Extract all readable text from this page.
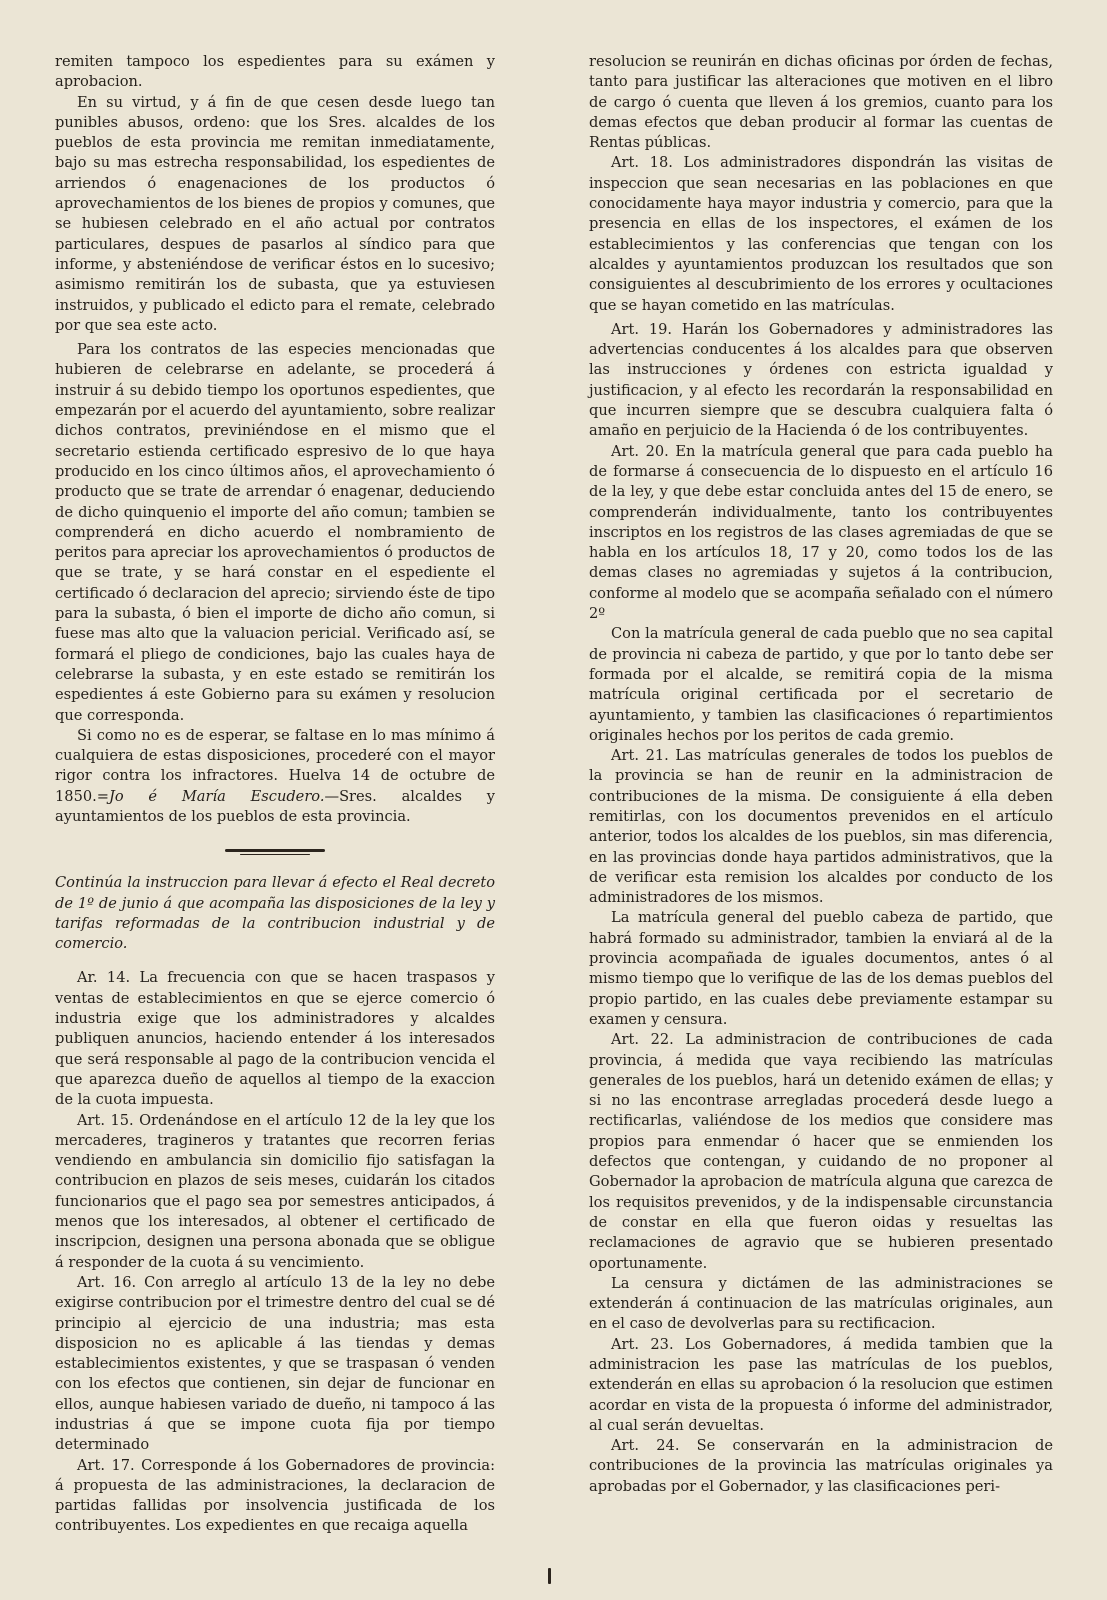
remiten tampoco los espedientes para su exámen y aprobacion.

En su virtud, y á fin de que cesen desde luego tan punibles abusos, ordeno: que los Sres. alcaldes de los pueblos de esta provincia me remitan inmediatamente, bajo su mas estrecha responsabilidad, los espedientes de arriendos ó enagenaciones de los productos ó aprovechamientos de los bienes de propios y comunes, que se hubiesen celebrado en el año actual por contratos particulares, despues de pasarlos al síndico para que informe, y absteniéndose de verificar éstos en lo sucesivo; asimismo remitirán los de subasta, que ya estuviesen instruidos, y publicado el edicto para el remate, celebrado por que sea este acto.

Para los contratos de las especies mencionadas que hubieren de celebrarse en adelante, se procederá á instruir á su debido tiempo los oportunos espedientes, que empezarán por el acuerdo del ayuntamiento, sobre realizar dichos contratos, previniéndose en el mismo que el secretario estienda certificado espresivo de lo que haya producido en los cinco últimos años, el aprovechamiento ó producto que se trate de arrendar ó enagenar, deduciendo de dicho quinquenio el importe del año comun; tambien se comprenderá en dicho acuerdo el nombramiento de peritos para apreciar los aprovechamientos ó productos de que se trate, y se hará constar en el espediente el certificado ó declaracion del aprecio; sirviendo éste de tipo para la subasta, ó bien el importe de dicho año comun, si fuese mas alto que la valuacion pericial. Verificado así, se formará el pliego de condiciones, bajo las cuales haya de celebrarse la subasta, y en este estado se remitirán los espedientes á este Gobierno para su exámen y resolucion que corresponda.

Si como no es de esperar, se faltase en lo mas mínimo á cualquiera de estas disposiciones, procederé con el mayor rigor contra los infractores. Huelva 14 de octubre de 1850.=Jo é María Escudero.—Sres. alcaldes y ayuntamientos de los pueblos de esta provincia.

Continúa la instruccion para llevar á efecto el Real decreto de 1º de junio á que acompaña las disposiciones de la ley y tarifas reformadas de la contribucion industrial y de comercio.

Ar. 14. La frecuencia con que se hacen traspasos y ventas de establecimientos en que se ejerce comercio ó industria exige que los administradores y alcaldes publiquen anuncios, haciendo entender á los interesados que será responsable al pago de la contribucion vencida el que aparezca dueño de aquellos al tiempo de la exaccion de la cuota impuesta.

Art. 15. Ordenándose en el artículo 12 de la ley que los mercaderes, tragineros y tratantes que recorren ferias vendiendo en ambulancia sin domicilio fijo satisfagan la contribucion en plazos de seis meses, cuidarán los citados funcionarios que el pago sea por semestres anticipados, á menos que los interesados, al obtener el certificado de inscripcion, designen una persona abonada que se obligue á responder de la cuota á su vencimiento.

Art. 16. Con arreglo al artículo 13 de la ley no debe exigirse contribucion por el trimestre dentro del cual se dé principio al ejercicio de una industria; mas esta disposicion no es aplicable á las tiendas y demas establecimientos existentes, y que se traspasan ó venden con los efectos que contienen, sin dejar de funcionar en ellos, aunque habiesen variado de dueño, ni tampoco á las industrias á que se impone cuota fija por tiempo determinado

Art. 17. Corresponde á los Gobernadores de provincia: á propuesta de las administraciones, la declaracion de partidas fallidas por insolvencia justificada de los contribuyentes. Los expedientes en que recaiga aquella

resolucion se reunirán en dichas oficinas por órden de fechas, tanto para justificar las alteraciones que motiven en el libro de cargo ó cuenta que lleven á los gremios, cuanto para los demas efectos que deban producir al formar las cuentas de Rentas públicas.

Art. 18. Los administradores dispondrán las visitas de inspeccion que sean necesarias en las poblaciones en que conocidamente haya mayor industria y comercio, para que la presencia en ellas de los inspectores, el exámen de los establecimientos y las conferencias que tengan con los alcaldes y ayuntamientos produzcan los resultados que son consiguientes al descubrimiento de los errores y ocultaciones que se hayan cometido en las matrículas.

Art. 19. Harán los Gobernadores y administradores las advertencias conducentes á los alcaldes para que observen las instrucciones y órdenes con estricta igualdad y justificacion, y al efecto les recordarán la responsabilidad en que incurren siempre que se descubra cualquiera falta ó amaño en perjuicio de la Hacienda ó de los contribuyentes.

Art. 20. En la matrícula general que para cada pueblo ha de formarse á consecuencia de lo dispuesto en el artículo 16 de la ley, y que debe estar concluida antes del 15 de enero, se comprenderán individualmente, tanto los contribuyentes inscriptos en los registros de las clases agremiadas de que se habla en los artículos 18, 17 y 20, como todos los de las demas clases no agremiadas y sujetos á la contribucion, conforme al modelo que se acompaña señalado con el número 2º

Con la matrícula general de cada pueblo que no sea capital de provincia ni cabeza de partido, y que por lo tanto debe ser formada por el alcalde, se remitirá copia de la misma matrícula original certificada por el secretario de ayuntamiento, y tambien las clasificaciones ó repartimientos originales hechos por los peritos de cada gremio.

Art. 21. Las matrículas generales de todos los pueblos de la provincia se han de reunir en la administracion de contribuciones de la misma. De consiguiente á ella deben remitirlas, con los documentos prevenidos en el artículo anterior, todos los alcaldes de los pueblos, sin mas diferencia, en las provincias donde haya partidos administrativos, que la de verificar esta remision los alcaldes por conducto de los administradores de los mismos.

La matrícula general del pueblo cabeza de partido, que habrá formado su administrador, tambien la enviará al de la provincia acompañada de iguales documentos, antes ó al mismo tiempo que lo verifique de las de los demas pueblos del propio partido, en las cuales debe previamente estampar su examen y censura.

Art. 22. La administracion de contribuciones de cada provincia, á medida que vaya recibiendo las matrículas generales de los pueblos, hará un detenido exámen de ellas; y si no las encontrase arregladas procederá desde luego a rectificarlas, valiéndose de los medios que considere mas propios para enmendar ó hacer que se enmienden los defectos que contengan, y cuidando de no proponer al Gobernador la aprobacion de matrícula alguna que carezca de los requisitos prevenidos, y de la indispensable circunstancia de constar en ella que fueron oidas y resueltas las reclamaciones de agravio que se hubieren presentado oportunamente.

La censura y dictámen de las administraciones se extenderán á continuacion de las matrículas originales, aun en el caso de devolverlas para su rectificacion.

Art. 23. Los Gobernadores, á medida tambien que la administracion les pase las matrículas de los pueblos, extenderán en ellas su aprobacion ó la resolucion que estimen acordar en vista de la propuesta ó informe del administrador, al cual serán devueltas.

Art. 24. Se conservarán en la administracion de contribuciones de la provincia las matrículas originales ya aprobadas por el Gobernador, y las clasificaciones peri-
